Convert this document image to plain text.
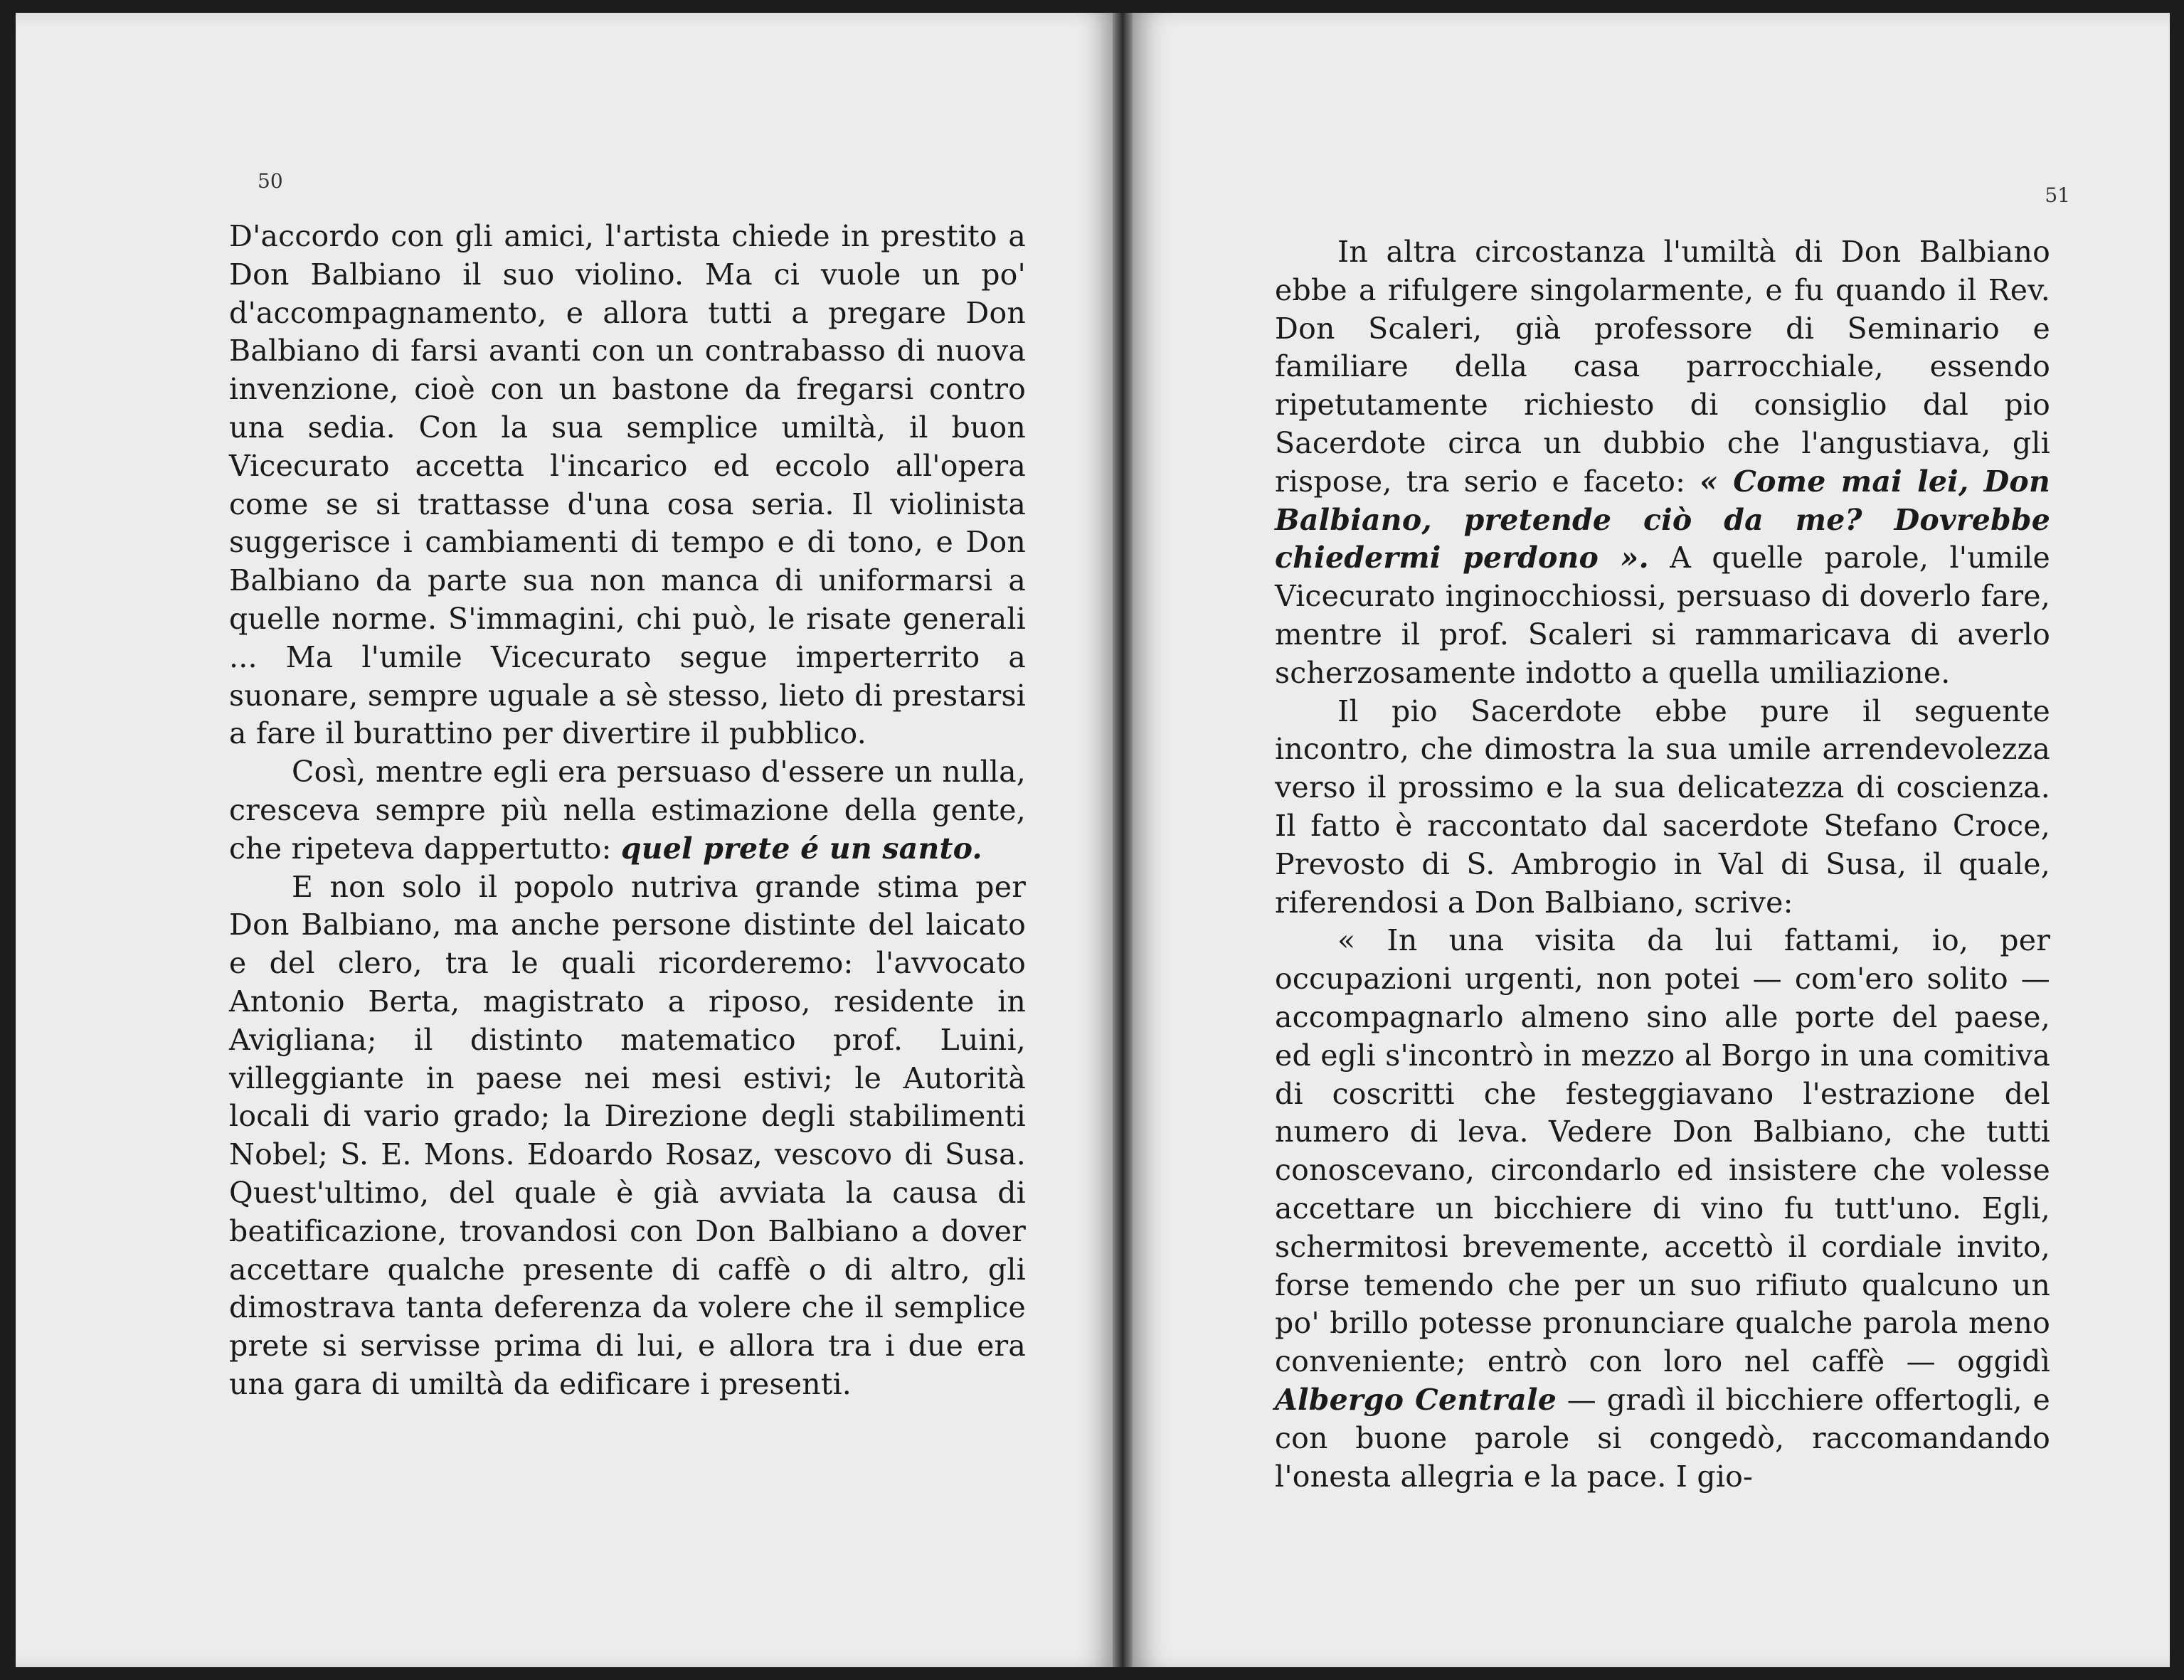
50

D'accordo con gli amici, l'artista chiede in prestito a Don Balbiano il suo violino. Ma ci vuole un po' d'accompagnamento, e allora tutti a pregare Don Balbiano di farsi avanti con un contrabasso di nuova invenzione, cioè con un bastone da fregarsi contro una sedia. Con la sua semplice umiltà, il buon Vicecurato accetta l'incarico ed eccolo all'opera come se si trattasse d'una cosa seria. Il violinista suggerisce i cambiamenti di tempo e di tono, e Don Balbiano da parte sua non manca di uniformarsi a quelle norme. S'immagini, chi può, le risate generali ... Ma l'umile Vicecurato segue imperterrito a suonare, sempre uguale a sè stesso, lieto di prestarsi a fare il burattino per divertire il pubblico.

Così, mentre egli era persuaso d'essere un nulla, cresceva sempre più nella estimazione della gente, che ripeteva dappertutto: quel prete é un santo.

E non solo il popolo nutriva grande stima per Don Balbiano, ma anche persone distinte del laicato e del clero, tra le quali ricorderemo: l'avvocato Antonio Berta, magistrato a riposo, residente in Avigliana; il distinto matematico prof. Luini, villeggiante in paese nei mesi estivi; le Autorità locali di vario grado; la Direzione degli stabilimenti Nobel; S. E. Mons. Edoardo Rosaz, vescovo di Susa. Quest'ultimo, del quale è già avviata la causa di beatificazione, trovandosi con Don Balbiano a dover accettare qualche presente di caffè o di altro, gli dimostrava tanta deferenza da volere che il semplice prete si servisse prima di lui, e allora tra i due era una gara di umiltà da edificare i presenti.

51

In altra circostanza l'umiltà di Don Balbiano ebbe a rifulgere singolarmente, e fu quando il Rev. Don Scaleri, già professore di Seminario e familiare della casa parrocchiale, essendo ripetutamente richiesto di consiglio dal pio Sacerdote circa un dubbio che l'angustiava, gli rispose, tra serio e faceto: « Come mai lei, Don Balbiano, pretende ciò da me? Dovrebbe chiedermi perdono ». A quelle parole, l'umile Vicecurato inginocchiossi, persuaso di doverlo fare, mentre il prof. Scaleri si rammaricava di averlo scherzosamente indotto a quella umiliazione.

Il pio Sacerdote ebbe pure il seguente incontro, che dimostra la sua umile arrendevolezza verso il prossimo e la sua delicatezza di coscienza. Il fatto è raccontato dal sacerdote Stefano Croce, Prevosto di S. Ambrogio in Val di Susa, il quale, riferendosi a Don Balbiano, scrive:

« In una visita da lui fattami, io, per occupazioni urgenti, non potei — com'ero solito — accompagnarlo almeno sino alle porte del paese, ed egli s'incontrò in mezzo al Borgo in una comitiva di coscritti che festeggiavano l'estrazione del numero di leva. Vedere Don Balbiano, che tutti conoscevano, circondarlo ed insistere che volesse accettare un bicchiere di vino fu tutt'uno. Egli, schermitosi brevemente, accettò il cordiale invito, forse temendo che per un suo rifiuto qualcuno un po' brillo potesse pronunciare qualche parola meno conveniente; entrò con loro nel caffè — oggidì Albergo Centrale — gradì il bicchiere offertogli, e con buone parole si congedò, raccomandando l'onesta allegria e la pace. I gio-
